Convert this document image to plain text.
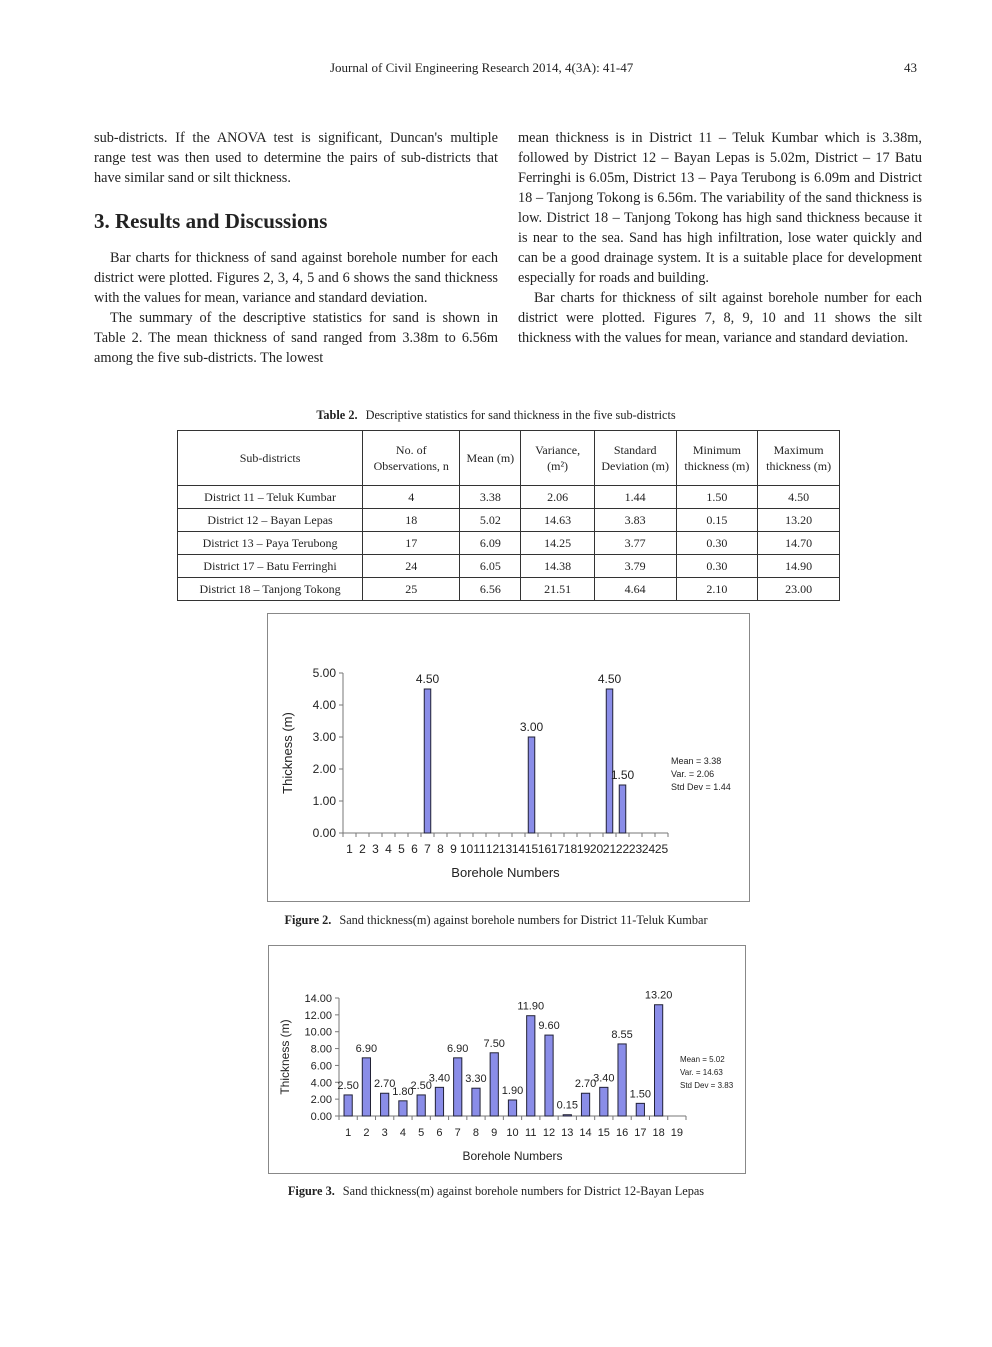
Journal of Civil Engineering Research 2014, 4(3A): 41-47	43

sub-districts. If the ANOVA test is significant, Duncan's multiple range test was then used to determine the pairs of sub-districts that have similar sand or silt thickness.

3. Results and Discussions

Bar charts for thickness of sand against borehole number for each district were plotted. Figures 2, 3, 4, 5 and 6 shows the sand thickness with the values for mean, variance and standard deviation.

The summary of the descriptive statistics for sand is shown in Table 2. The mean thickness of sand ranged from 3.38m to 6.56m among the five sub-districts. The lowest

mean thickness is in District 11 – Teluk Kumbar which is 3.38m, followed by District 12 – Bayan Lepas is 5.02m, District – 17 Batu Ferringhi is 6.05m, District 13 – Paya Terubong is 6.09m and District 18 – Tanjong Tokong is 6.56m. The variability of the sand thickness is low. District 18 – Tanjong Tokong has high sand thickness because it is near to the sea. Sand has high infiltration, lose water quickly and can be a good drainage system. It is a suitable place for development especially for roads and building.

Bar charts for thickness of silt against borehole number for each district were plotted. Figures 7, 8, 9, 10 and 11 shows the silt thickness with the values for mean, variance and standard deviation.

Table 2. Descriptive statistics for sand thickness in the five sub-districts
Sub-districts	No. of Observations, n	Mean (m)	Variance, (m²)	Standard Deviation (m)	Minimum thickness (m)	Maximum thickness (m)
District 11 – Teluk Kumbar	4	3.38	2.06	1.44	1.50	4.50
District 12 – Bayan Lepas	18	5.02	14.63	3.83	0.15	13.20
District 13 – Paya Terubong	17	6.09	14.25	3.77	0.30	14.70
District 17 – Batu Ferringhi	24	6.05	14.38	3.79	0.30	14.90
District 18 – Tanjong Tokong	25	6.56	21.51	4.64	2.10	23.00
0.00
1.00
2.00
3.00
4.00
5.00
1 2 3 4 5 6 7
4.50
8 9 10 11 12 13 14 15
3.00
16 17 18 19 20 21
4.50
22
1.50
23 24 25
Borehole Numbers
Thickness (m)	Mean = 3.38
Var. = 2.06
Std Dev = 1.44
Figure 2. Sand thickness(m) against borehole numbers for District 11-Teluk Kumbar
0.00
2.00
4.00
6.00
8.00
10.00
12.00
14.00
1
2.50
2
6.90
3
2.70
4
1.80
5
2.50
6
3.40
7
6.90
8
3.30
9
7.50
10
1.90
11
11.90
12
9.60
13
0.15
14
2.70
15
3.40
16
8.55
17
1.50
18
13.20
19
Borehole Numbers
Thickness (m)	Mean = 5.02
Var. = 14.63
Std Dev = 3.83
Figure 3. Sand thickness(m) against borehole numbers for District 12-Bayan Lepas
